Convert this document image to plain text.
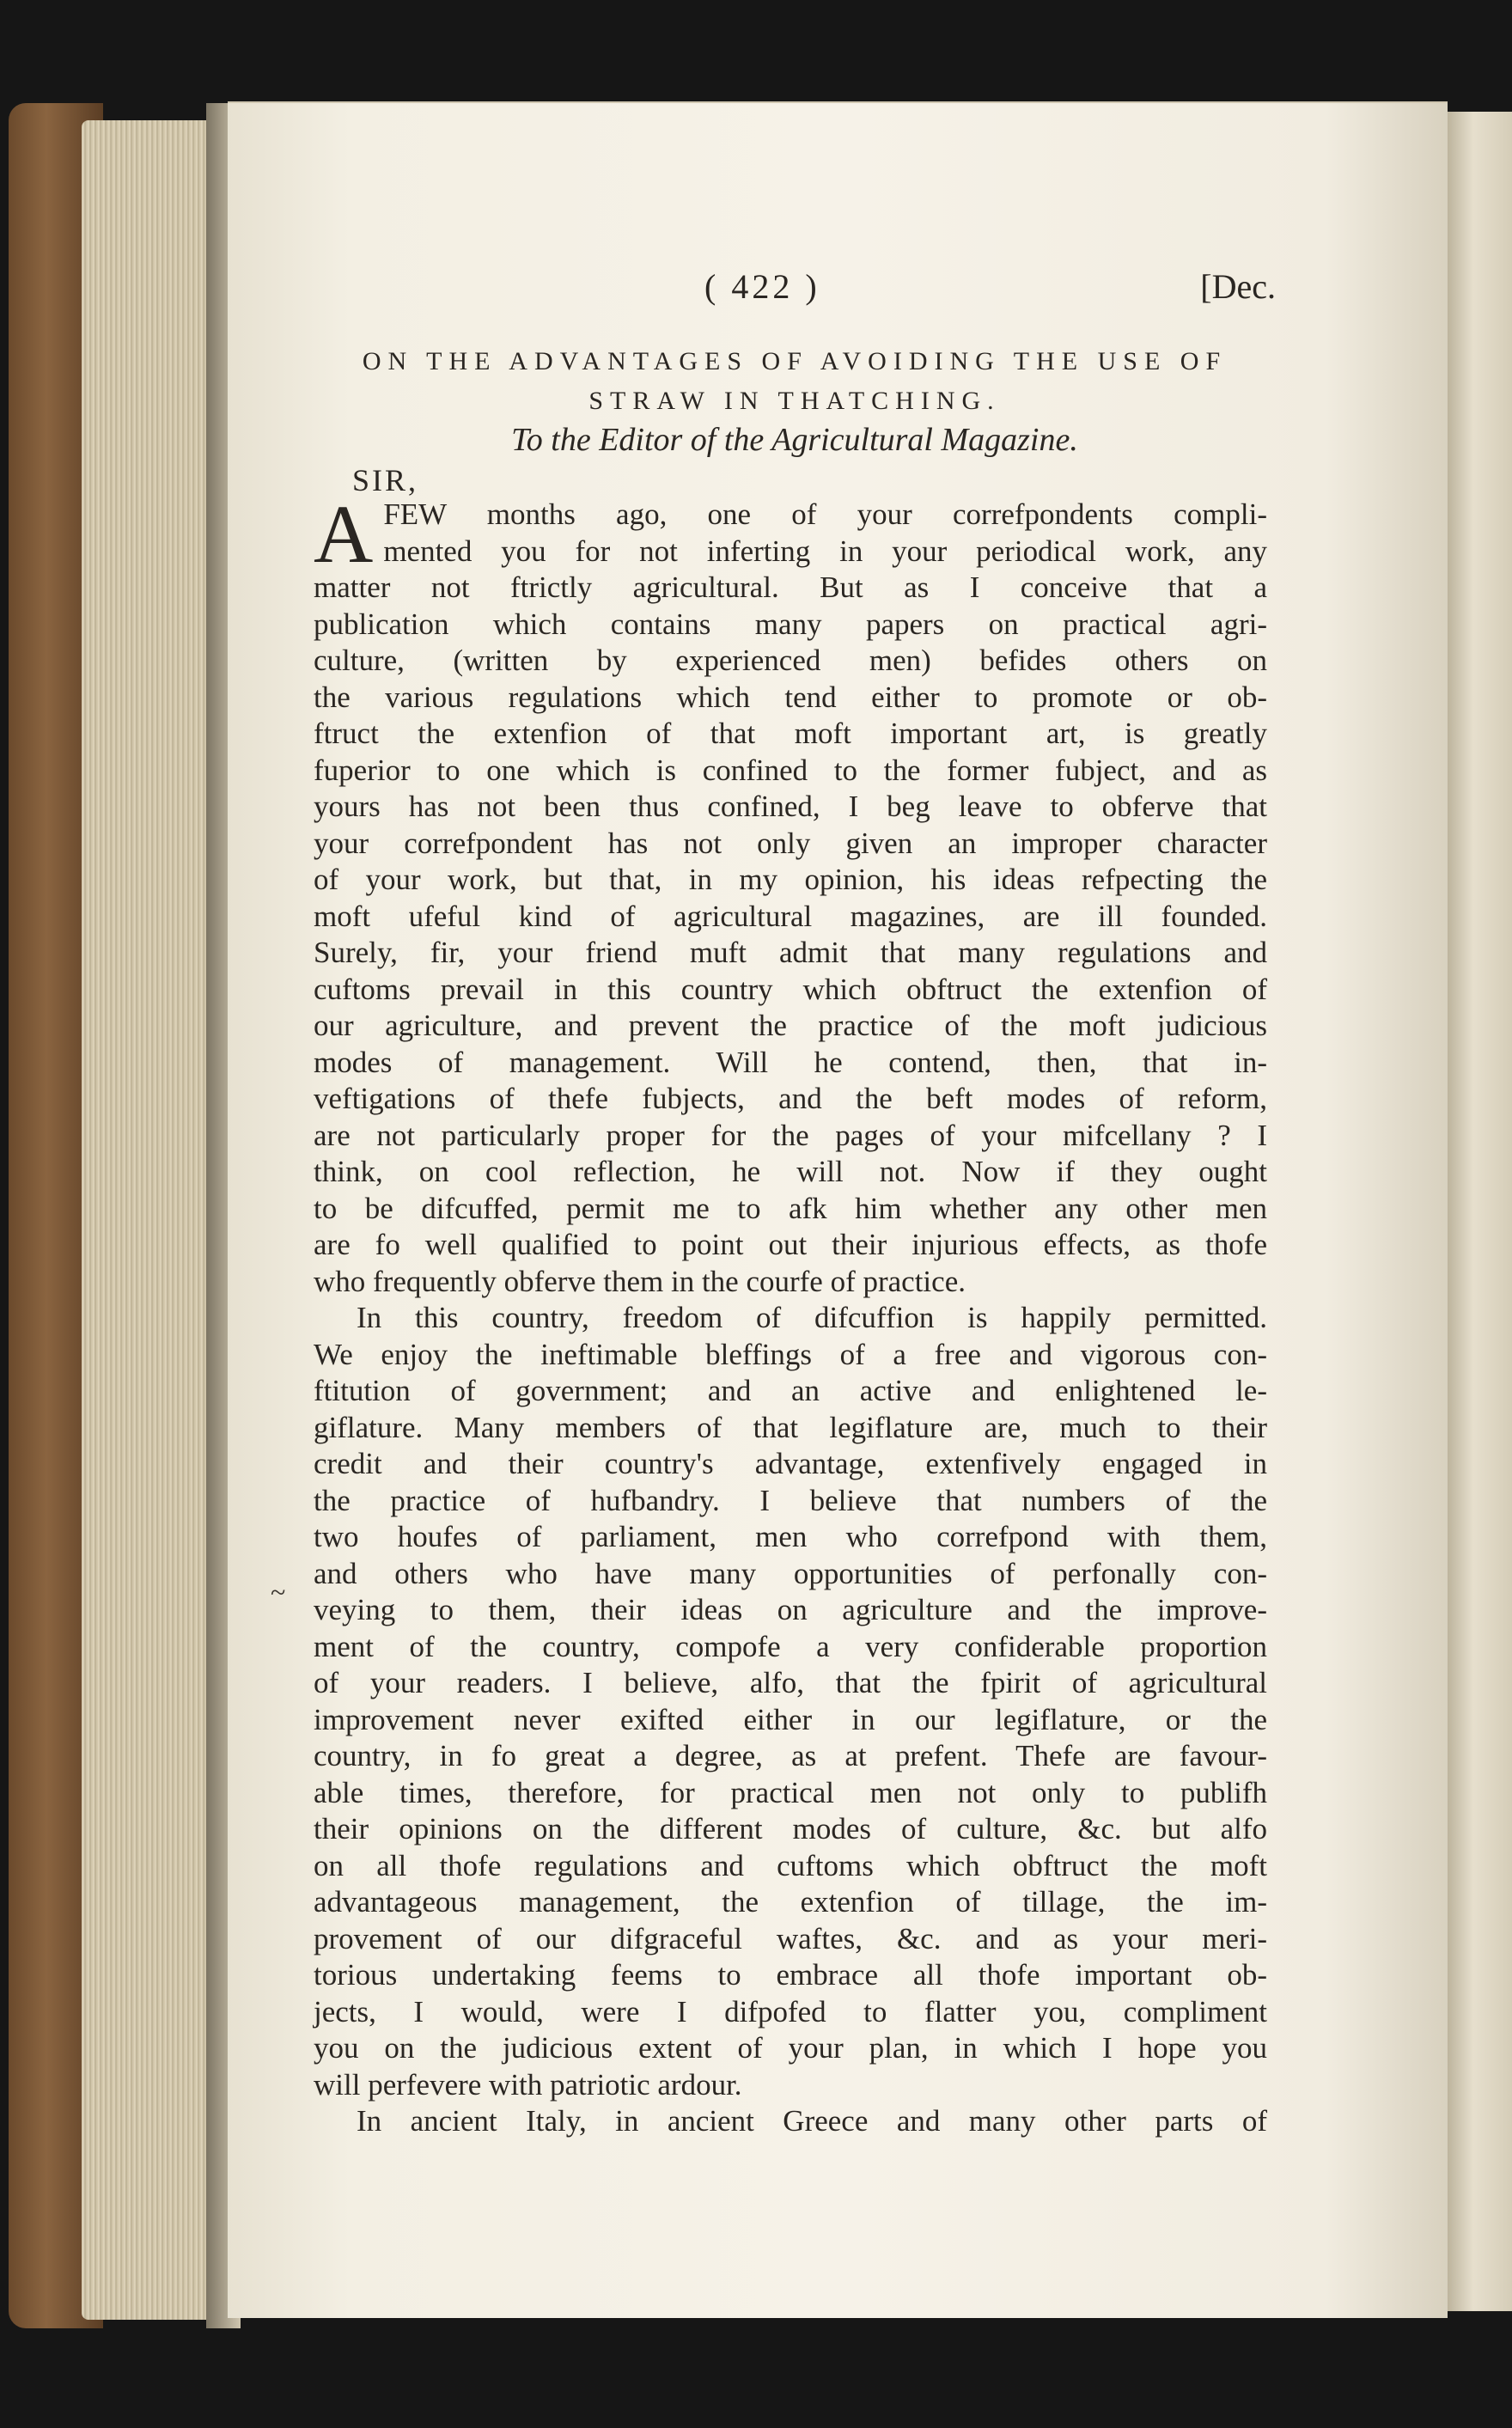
( 422 )	[Dec.
ON THE ADVANTAGES OF AVOIDING THE USE OF
STRAW IN THATCHING.
To the Editor of the Agricultural Magazine.
SIR,
A FEW months ago, one of your correfpondents compli-
mented you for not inferting in your periodical work, any
matter not ftrictly agricultural. But as I conceive that a
publication which contains many papers on practical agri-
culture, (written by experienced men) befides others on
the various regulations which tend either to promote or ob-
ftruct the extenfion of that moft important art, is greatly
fuperior to one which is confined to the former fubject, and as
yours has not been thus confined, I beg leave to obferve that
your correfpondent has not only given an improper character
of your work, but that, in my opinion, his ideas refpecting the
moft ufeful kind of agricultural magazines, are ill founded.
Surely, fir, your friend muft admit that many regulations and
cuftoms prevail in this country which obftruct the extenfion of
our agriculture, and prevent the practice of the moft judicious
modes of management. Will he contend, then, that in-
veftigations of thefe fubjects, and the beft modes of reform,
are not particularly proper for the pages of your mifcellany ? I
think, on cool reflection, he will not. Now if they ought
to be difcuffed, permit me to afk him whether any other men
are fo well qualified to point out their injurious effects, as thofe
who frequently obferve them in the courfe of practice.
In this country, freedom of difcuffion is happily permitted.
We enjoy the ineftimable bleffings of a free and vigorous con-
ftitution of government; and an active and enlightened le-
giflature. Many members of that legiflature are, much to their
credit and their country's advantage, extenfively engaged in
the practice of hufbandry. I believe that numbers of the
two houfes of parliament, men who correfpond with them,
and others who have many opportunities of perfonally con-
veying to them, their ideas on agriculture and the improve-
ment of the country, compofe a very confiderable proportion
of your readers. I believe, alfo, that the fpirit of agricultural
improvement never exifted either in our legiflature, or the
country, in fo great a degree, as at prefent. Thefe are favour-
able times, therefore, for practical men not only to publifh
their opinions on the different modes of culture, &c. but alfo
on all thofe regulations and cuftoms which obftruct the moft
advantageous management, the extenfion of tillage, the im-
provement of our difgraceful waftes, &c. and as your meri-
torious undertaking feems to embrace all thofe important ob-
jects, I would, were I difpofed to flatter you, compliment
you on the judicious extent of your plan, in which I hope you
will perfevere with patriotic ardour.
In ancient Italy, in ancient Greece and many other parts of
~
